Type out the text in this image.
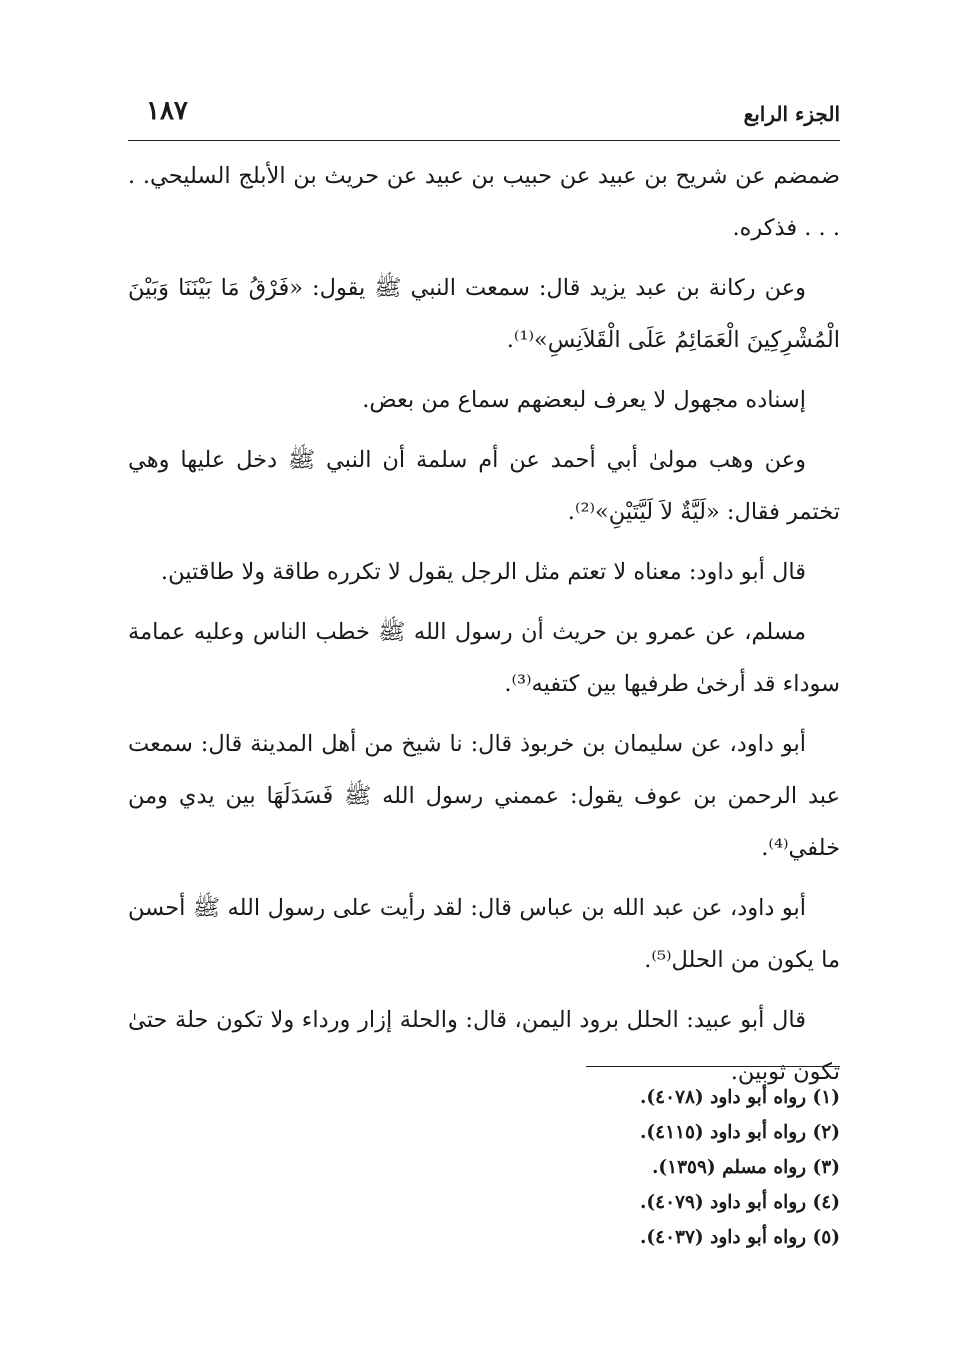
الجزء الرابع
١٨٧

ضمضم عن شريح بن عبيد عن حبيب بن عبيد عن حريث بن الأبلج السليحي. . . . . فذكره.

وعن ركانة بن عبد يزيد قال: سمعت النبي ﷺ يقول: «فَرْقُ مَا بَيْنَنَا وَبَيْنَ الْمُشْرِكِينَ الْعَمَائِمُ عَلَى الْقَلاَنِسِ»⁽¹⁾.

إسناده مجهول لا يعرف لبعضهم سماع من بعض.

وعن وهب مولىٰ أبي أحمد عن أم سلمة أن النبي ﷺ دخل عليها وهي تختمر فقال: «لَيَّةٌ لاَ لَيَّتَيْنِ»⁽²⁾.

قال أبو داود: معناه لا تعتم مثل الرجل يقول لا تكرره طاقة ولا طاقتين.

مسلم، عن عمرو بن حريث أن رسول الله ﷺ خطب الناس وعليه عمامة سوداء قد أرخىٰ طرفيها بين كتفيه⁽³⁾.

أبو داود، عن سليمان بن خربوذ قال: نا شيخ من أهل المدينة قال: سمعت عبد الرحمن بن عوف يقول: عممني رسول الله ﷺ فَسَدَلَهَا بين يدي ومن خلفي⁽⁴⁾.

أبو داود، عن عبد الله بن عباس قال: لقد رأيت على رسول الله ﷺ أحسن ما يكون من الحلل⁽⁵⁾.

قال أبو عبيد: الحلل برود اليمن، قال: والحلة إزار ورداء ولا تكون حلة حتىٰ تكون ثوبين.

(١) رواه أبو داود (٤٠٧٨).
(٢) رواه أبو داود (٤١١٥).
(٣) رواه مسلم (١٣٥٩).
(٤) رواه أبو داود (٤٠٧٩).
(٥) رواه أبو داود (٤٠٣٧).
